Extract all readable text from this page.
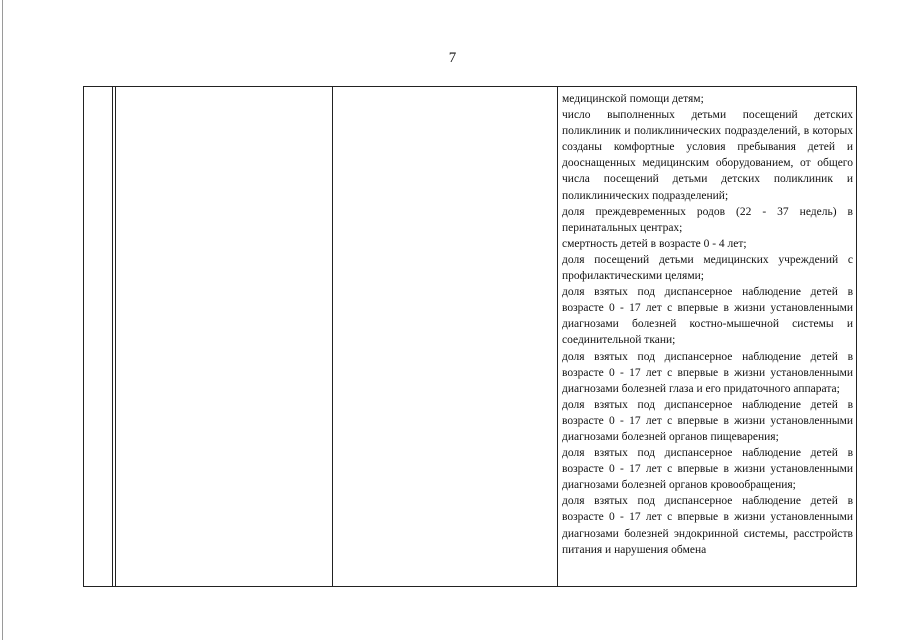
7

медицинской помощи детям;

число выполненных детьми посещений детских поликлиник и поликлинических подразделений, в которых созданы комфортные условия пребывания детей и дооснащенных медицинским оборудованием, от общего числа посещений детьми детских поликлиник и поликлинических подразделений;

доля преждевременных родов (22 - 37 недель) в перинатальных центрах;

смертность детей в возрасте 0 - 4 лет;

доля посещений детьми медицинских учреждений с профилактическими целями;

доля взятых под диспансерное наблюдение детей в возрасте 0 - 17 лет с впервые в жизни установленными диагнозами болезней костно-мышечной системы и соединительной ткани;

доля взятых под диспансерное наблюдение детей в возрасте 0 - 17 лет с впервые в жизни установленными диагнозами болезней глаза и его придаточного аппарата;

доля взятых под диспансерное наблюдение детей в возрасте 0 - 17 лет с впервые в жизни установленными диагнозами болезней органов пищеварения;

доля взятых под диспансерное наблюдение детей в возрасте 0 - 17 лет с впервые в жизни установленными диагнозами болезней органов кровообращения;

доля взятых под диспансерное наблюдение детей в возрасте 0 - 17 лет с впервые в жизни установленными диагнозами болезней эндокринной системы, расстройств питания и нарушения обмена
